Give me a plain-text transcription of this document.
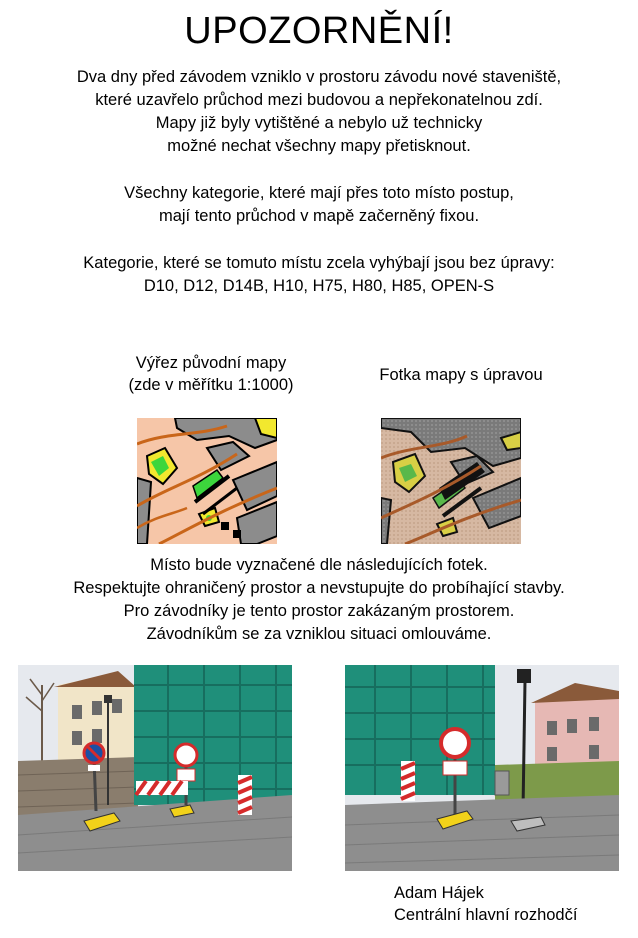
UPOZORNĚNÍ!
Dva dny před závodem vzniklo v prostoru závodu nové staveniště,
které uzavřelo průchod mezi budovou a nepřekonatelnou zdí.
Mapy již byly vytištěné a nebylo už technicky
možné nechat všechny mapy přetisknout.
Všechny kategorie, které mají přes toto místo postup,
mají tento průchod v mapě začerněný fixou.
Kategorie, které se tomuto místu zcela vyhýbají jsou bez úpravy:
D10, D12, D14B, H10, H75, H80, H85, OPEN-S
Výřez původní mapy
(zde v měřítku 1:1000)
Fotka mapy s úpravou
Místo bude vyznačené dle následujících fotek.
Respektujte ohraničený prostor a nevstupujte do probíhající stavby.
Pro závodníky je tento prostor zakázaným prostorem.
Závodníkům se za vzniklou situaci omlouváme.
Adam Hájek
Centrální hlavní rozhodčí
